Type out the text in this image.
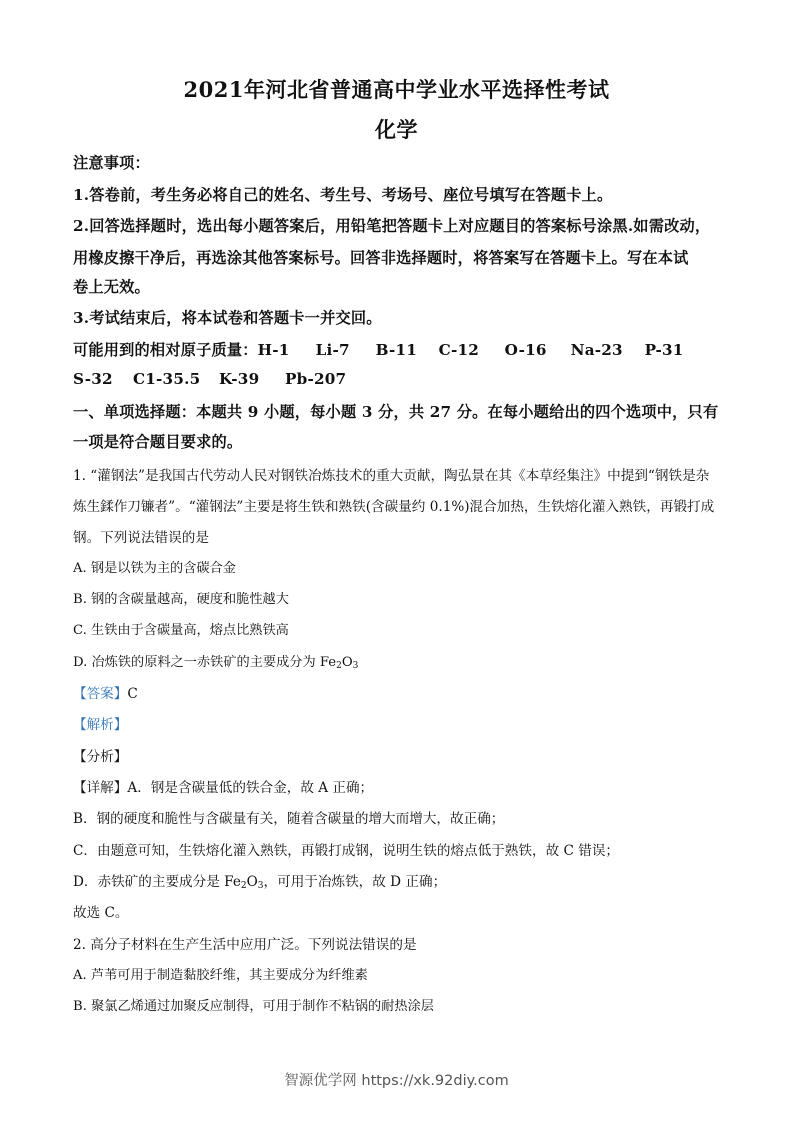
2021年河北省普通高中学业水平选择性考试
化学
注意事项：
1.答卷前，考生务必将自己的姓名、考生号、考场号、座位号填写在答题卡上。
2.回答选择题时，选出每小题答案后，用铅笔把答题卡上对应题目的答案标号涂黑.如需改动，
用橡皮擦干净后，再选涂其他答案标号。回答非选择题时，将答案写在答题卡上。写在本试
卷上无效。
3.考试结束后，将本试卷和答题卡一并交回。
可能用到的相对原子质量：H-1 Li-7 B-11 C-12 O-16 Na-23 P-31
S-32 C1-35.5 K-39 Pb-207
一、单项选择题：本题共 9 小题，每小题 3 分，共 27 分。在每小题给出的四个选项中，只有
一项是符合题目要求的。
1. “灌钢法”是我国古代劳动人民对钢铁冶炼技术的重大贡献，陶弘景在其《本草经集注》中提到“钢铁是杂
炼生鍒作刀镰者”。“灌钢法”主要是将生铁和熟铁(含碳量约 0.1%)混合加热，生铁熔化灌入熟铁，再锻打成
钢。下列说法错误的是
A. 钢是以铁为主的含碳合金
B. 钢的含碳量越高，硬度和脆性越大
C. 生铁由于含碳量高，熔点比熟铁高
D. 冶炼铁的原料之一赤铁矿的主要成分为 $Fe_2O_3$
【答案】C
【解析】
【分析】
【详解】A．钢是含碳量低的铁合金，故 A 正确；
B．钢的硬度和脆性与含碳量有关，随着含碳量的增大而增大，故正确；
C．由题意可知，生铁熔化灌入熟铁，再锻打成钢，说明生铁的熔点低于熟铁，故 C 错误；
D．赤铁矿的主要成分是 $Fe_2O_3$，可用于冶炼铁，故 D 正确；
故选 C。
2. 高分子材料在生产生活中应用广泛。下列说法错误的是
A. 芦苇可用于制造黏胶纤维，其主要成分为纤维素
B. 聚氯乙烯通过加聚反应制得，可用于制作不粘锅的耐热涂层
智源优学网 https://xk.92diy.com
